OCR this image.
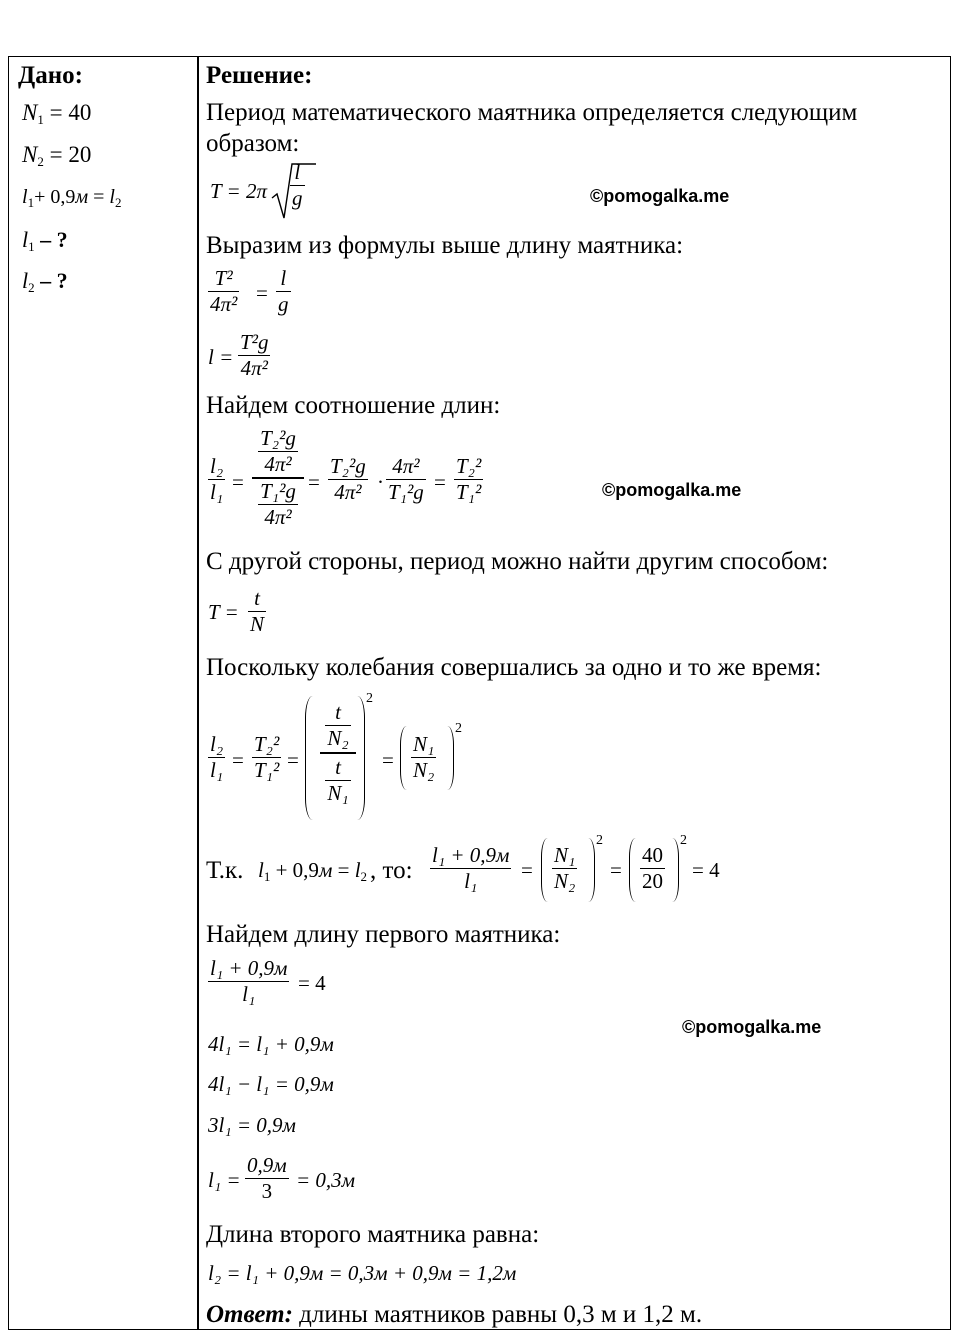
Дано:
$N_1 = 40$
$N_2 = 20$
$l_1+ 0,9м = l_2$
$l_1$ – ?
$l_2$ – ?
Решение:
Период математического маятника определяется следующим
образом:
T = 2π
l
g	©pomogalka.me
Выразим из формулы выше длину маятника:
T²
4π² =
l
g
l =
T²g
4π²
Найдем соотношение длин:
l₂
l₁ =
$\frac{\text{T₂²g}}{\text{4π²}}$
$\frac{\text{T₁²g}}{\text{4π²}}$ =
T₂²g
4π² ·
4π²
T₁²g =
T₂²
T₁²	©pomogalka.me
С другой стороны, период можно найти другим способом:
T =
t
N
Поскольку колебания совершались за одно и то же время:
l₂
l₁ =
T₂²
T₁² =
$\frac{t}{\text{N₂}}$
$\frac{t}{\text{N₁}}$
2
=
N₁
N₂
2
Т.к. $l_1 + 0,9м = l_2$ , то:
l₁ + 0,9м
l₁ =
N₁
N₂
2
=
40
20
2
= 4
Найдем длину первого маятника:
l₁ + 0,9м
l₁ = 4
©pomogalka.me
4l₁ = l₁ + 0,9м
4l₁ − l₁ = 0,9м
3l₁ = 0,9м
l₁ =
0,9м
3 = 0,3м
Длина второго маятника равна:
l₂ = l₁ + 0,9м = 0,3м + 0,9м = 1,2м
Ответ: длины маятников равны 0,3 м и 1,2 м.
